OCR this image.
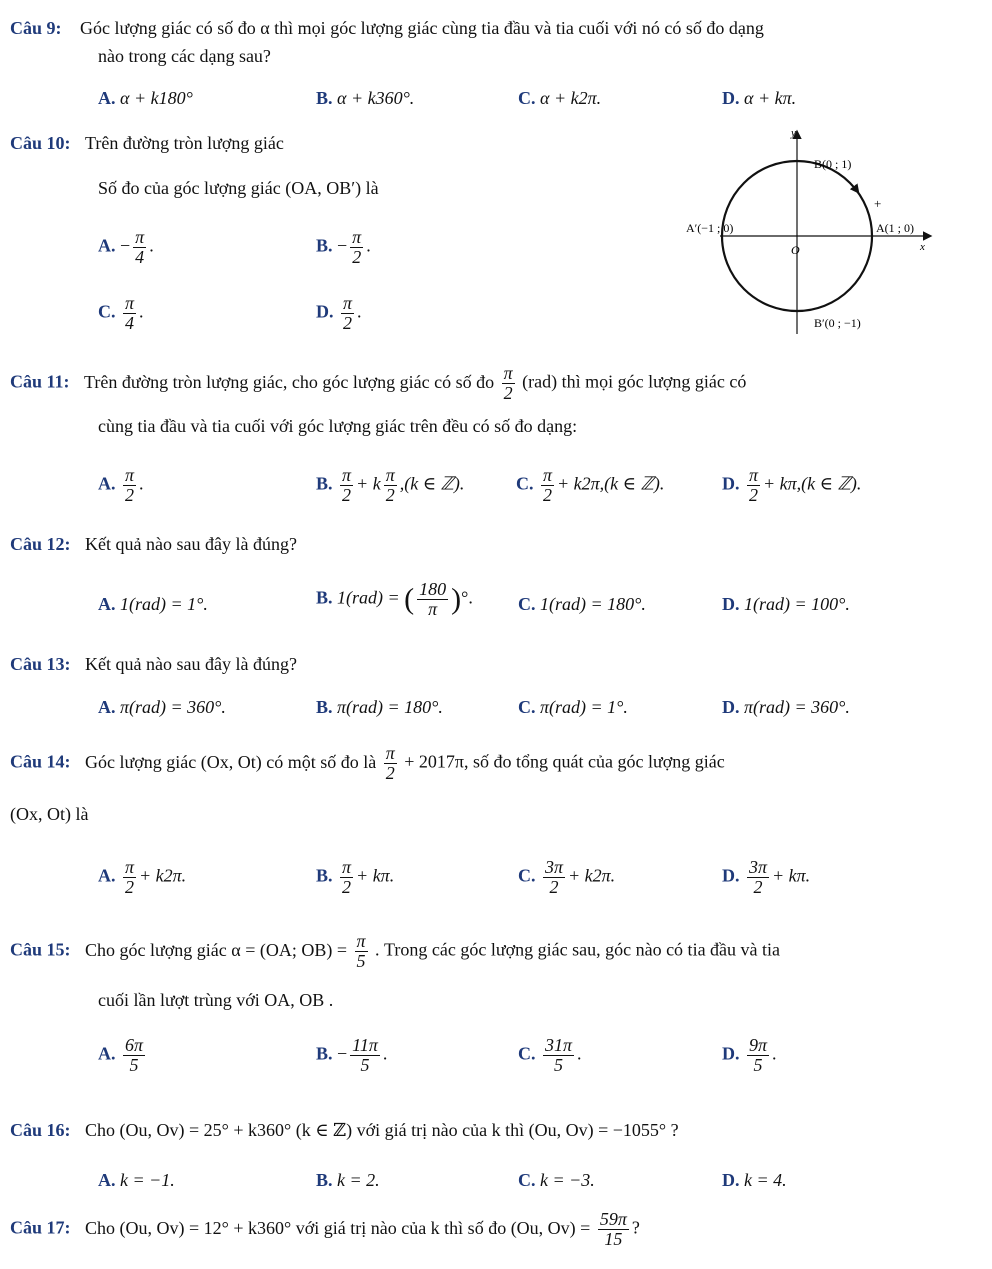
Câu 9: Góc lượng giác có số đo α thì mọi góc lượng giác cùng tia đầu và tia cuối với nó có số đo dạng
nào trong các dạng sau?
A. α + k180°	B. α + k360°.	C. α + k2π.	D. α + kπ.
Câu 10: Trên đường tròn lượng giác
Số đo của góc lượng giác (OA, OB′) là
A. − $\frac{\pi}{4}$ .	B. − $\frac{\pi}{2}$ .
C. $\frac{\pi}{4}$ .	D. $\frac{\pi}{2}$ .
y
x
B(0 ; 1)
A′(−1 ; 0)	A(1 ; 0)
O
B′(0 ; −1)
+
Câu 11: Trên đường tròn lượng giác, cho góc lượng giác có số đo $\frac{\pi}{2} (rad)$ thì mọi góc lượng giác có
cùng tia đầu và tia cuối với góc lượng giác trên đều có số đo dạng:
A. $\frac{\pi}{2}$ .	B. $\frac{\pi}{2} + k \frac{\pi}{2} ,(k$ ∈ ℤ).	C. $\frac{\pi}{2} + k2\pi,(k$ ∈ ℤ).	D. $\frac{\pi}{2} + k\pi,(k$ ∈ ℤ).
Câu 12: Kết quả nào sau đây là đúng?
A. 1(rad) = 1°.	B. 1(rad) = ( $\frac{180}{\pi}$ )°.	C. 1(rad) = 180°.	D. 1(rad) = 100°.
Câu 13: Kết quả nào sau đây là đúng?
A. π(rad) = 360°.	B. π(rad) = 180°.	C. π(rad) = 1°.	D. π(rad) = 360°.
Câu 14: Góc lượng giác (Ox, Ot) có một số đo là $\frac{\pi}{2} + 2017\pi$, số đo tổng quát của góc lượng giác
(Ox, Ot) là
A. $\frac{\pi}{2} + k2\pi$.	B. $\frac{\pi}{2} + k\pi$.	C. $\frac{3\pi}{2} + k2\pi$.	D. $\frac{3\pi}{2} + k\pi$.
Câu 15: Cho góc lượng giác α = (OA; $OB) = \frac{\pi}{5}$ . Trong các góc lượng giác sau, góc nào có tia đầu và tia
cuối lần lượt trùng với OA, OB .
A. $\frac{6\pi}{5}$	B. − $\frac{11\pi}{5}$ .	C. $\frac{31\pi}{5}$ .	D. $\frac{9\pi}{5}$ .
Câu 16: Cho (Ou, Ov) = 25° + k360° (k ∈ ℤ) với giá trị nào của k thì (Ou, Ov) = −1055° ?
A. k = −1.	B. k = 2.	C. k = −3.	D. k = 4.
Câu 17: Cho (Ou, Ov) = 12° + k360° với giá trị nào của k thì số đo (Ou, $Ov) = \frac{59\pi}{15}$ ?
